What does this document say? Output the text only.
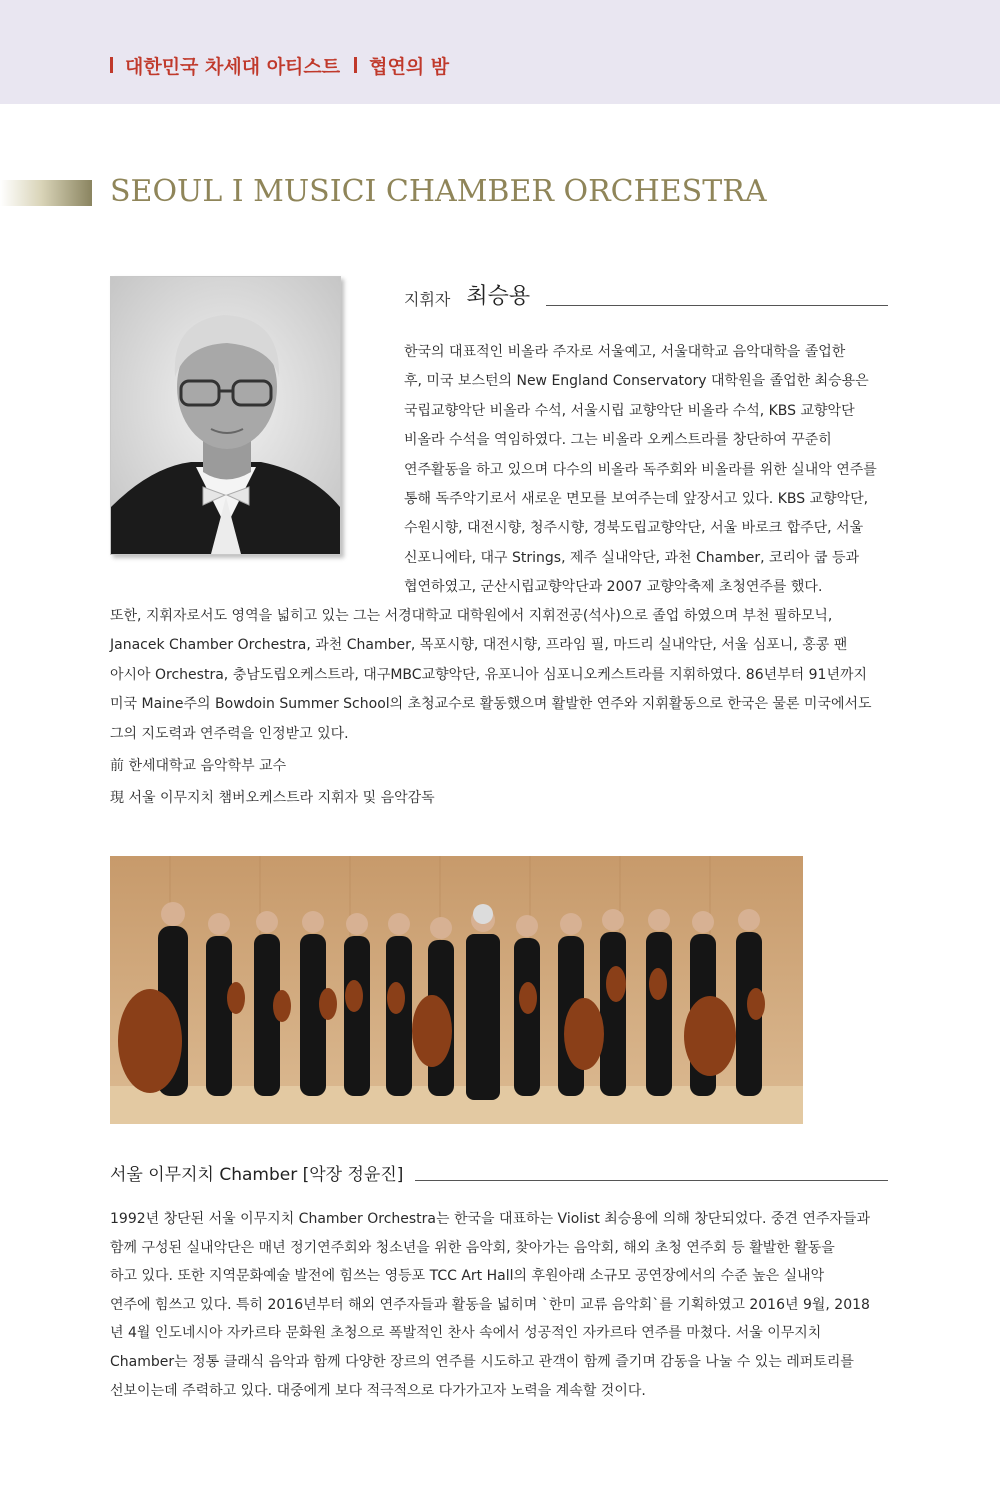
대한민국 차세대 아티스트 협연의 밤
SEOUL I MUSICI CHAMBER ORCHESTRA
지휘자 최승용
한국의 대표적인 비올라 주자로 서울예고, 서울대학교 음악대학을 졸업한
후, 미국 보스턴의 New England Conservatory 대학원을 졸업한 최승용은
국립교향악단 비올라 수석, 서울시립 교향악단 비올라 수석, KBS 교향악단
비올라 수석을 역임하였다. 그는 비올라 오케스트라를 창단하여 꾸준히
연주활동을 하고 있으며 다수의 비올라 독주회와 비올라를 위한 실내악 연주를
통해 독주악기로서 새로운 면모를 보여주는데 앞장서고 있다. KBS 교향악단,
수원시향, 대전시향, 청주시향, 경북도립교향악단, 서울 바로크 합주단, 서울
신포니에타, 대구 Strings, 제주 실내악단, 과천 Chamber, 코리아 쿱 등과
협연하였고, 군산시립교향악단과 2007 교향악축제 초청연주를 했다.
또한, 지휘자로서도 영역을 넓히고 있는 그는 서경대학교 대학원에서 지휘전공(석사)으로 졸업 하였으며 부천 필하모닉,
Janacek Chamber Orchestra, 과천 Chamber, 목포시향, 대전시향, 프라임 필, 마드리 실내악단, 서울 심포니, 홍콩 팬
아시아 Orchestra, 충남도립오케스트라, 대구MBC교향악단, 유포니아 심포니오케스트라를 지휘하였다. 86년부터 91년까지
미국 Maine주의 Bowdoin Summer School의 초청교수로 활동했으며 활발한 연주와 지휘활동으로 한국은 물론 미국에서도
그의 지도력과 연주력을 인정받고 있다.
前 한세대학교 음악학부 교수
現 서울 이무지치 챔버오케스트라 지휘자 및 음악감독
서울 이무지치 Chamber [악장 정윤진]
1992년 창단된 서울 이무지치 Chamber Orchestra는 한국을 대표하는 Violist 최승용에 의해 창단되었다. 중견 연주자들과
함께 구성된 실내악단은 매년 정기연주회와 청소년을 위한 음악회, 찾아가는 음악회, 해외 초청 연주회 등 활발한 활동을
하고 있다. 또한 지역문화예술 발전에 힘쓰는 영등포 TCC Art Hall의 후원아래 소규모 공연장에서의 수준 높은 실내악
연주에 힘쓰고 있다. 특히 2016년부터 해외 연주자들과 활동을 넓히며 `한미 교류 음악회`를 기획하였고 2016년 9월, 2018
년 4월 인도네시아 자카르타 문화원 초청으로 폭발적인 찬사 속에서 성공적인 자카르타 연주를 마쳤다. 서울 이무지치
Chamber는 정통 클래식 음악과 함께 다양한 장르의 연주를 시도하고 관객이 함께 즐기며 감동을 나눌 수 있는 레퍼토리를
선보이는데 주력하고 있다. 대중에게 보다 적극적으로 다가가고자 노력을 계속할 것이다.
